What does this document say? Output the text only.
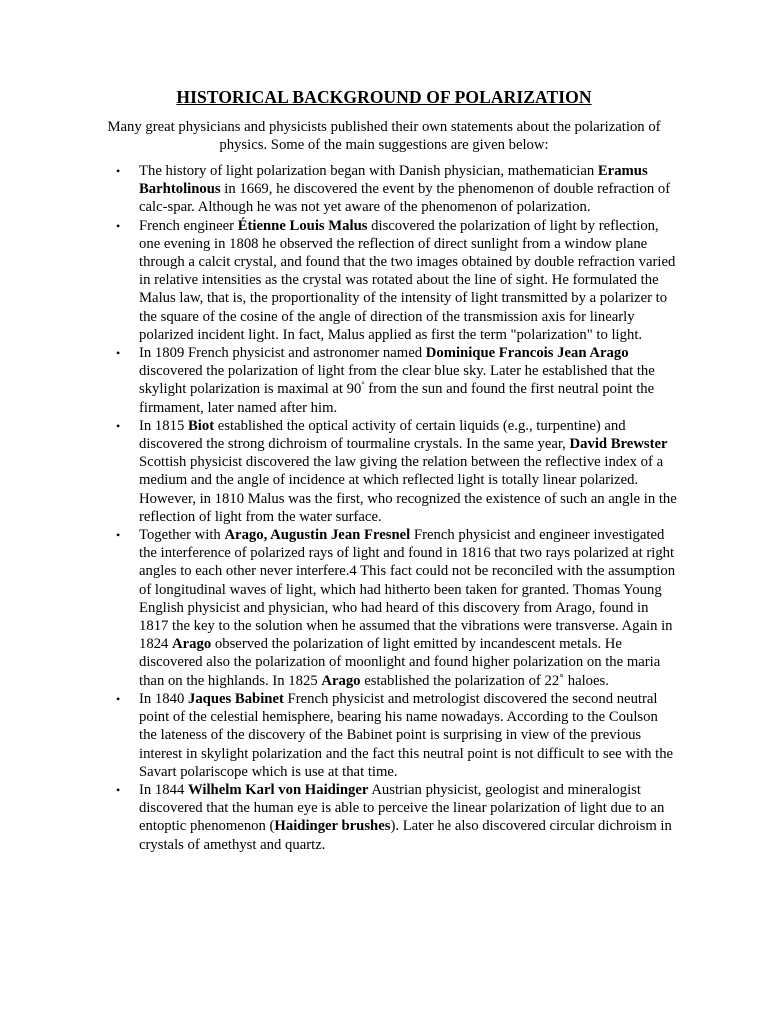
HISTORICAL BACKGROUND OF POLARIZATION
Many great physicians and physicists published their own statements about the polarization of physics. Some of the main suggestions are given below:
• The history of light polarization began with Danish physician, mathematician Eramus Barhtolinous in 1669, he discovered the event by the phenomenon of double refraction of calc-spar. Although he was not yet aware of the phenomenon of polarization.
• French engineer Étienne Louis Malus discovered the polarization of light by reflection, one evening in 1808 he observed the reflection of direct sunlight from a window plane through a calcit crystal, and found that the two images obtained by double refraction varied in relative intensities as the crystal was rotated about the line of sight. He formulated the Malus law, that is, the proportionality of the intensity of light transmitted by a polarizer to the square of the cosine of the angle of direction of the transmission axis for linearly polarized incident light. In fact, Malus applied as first the term "polarization" to light.
• In 1809 French physicist and astronomer named Dominique Francois Jean Arago discovered the polarization of light from the clear blue sky. Later he established that the skylight polarization is maximal at 90° from the sun and found the first neutral point the firmament, later named after him.
• In 1815 Biot established the optical activity of certain liquids (e.g., turpentine) and discovered the strong dichroism of tourmaline crystals. In the same year, David Brewster Scottish physicist discovered the law giving the relation between the reflective index of a medium and the angle of incidence at which reflected light is totally linear polarized. However, in 1810 Malus was the first, who recognized the existence of such an angle in the reflection of light from the water surface.
• Together with Arago, Augustin Jean Fresnel French physicist and engineer investigated the interference of polarized rays of light and found in 1816 that two rays polarized at right angles to each other never interfere.4 This fact could not be reconciled with the assumption of longitudinal waves of light, which had hitherto been taken for granted. Thomas Young English physicist and physician, who had heard of this discovery from Arago, found in 1817 the key to the solution when he assumed that the vibrations were transverse. Again in 1824 Arago observed the polarization of light emitted by incandescent metals. He discovered also the polarization of moonlight and found higher polarization on the maria than on the highlands. In 1825 Arago established the polarization of 22˚ haloes.
• In 1840 Jaques Babinet French physicist and metrologist discovered the second neutral point of the celestial hemisphere, bearing his name nowadays. According to the Coulson the lateness of the discovery of the Babinet point is surprising in view of the previous interest in skylight polarization and the fact this neutral point is not difficult to see with the Savart polariscope which is use at that time.
• In 1844 Wilhelm Karl von Haidinger Austrian physicist, geologist and mineralogist discovered that the human eye is able to perceive the linear polarization of light due to an entoptic phenomenon (Haidinger brushes). Later he also discovered circular dichroism in crystals of amethyst and quartz.
